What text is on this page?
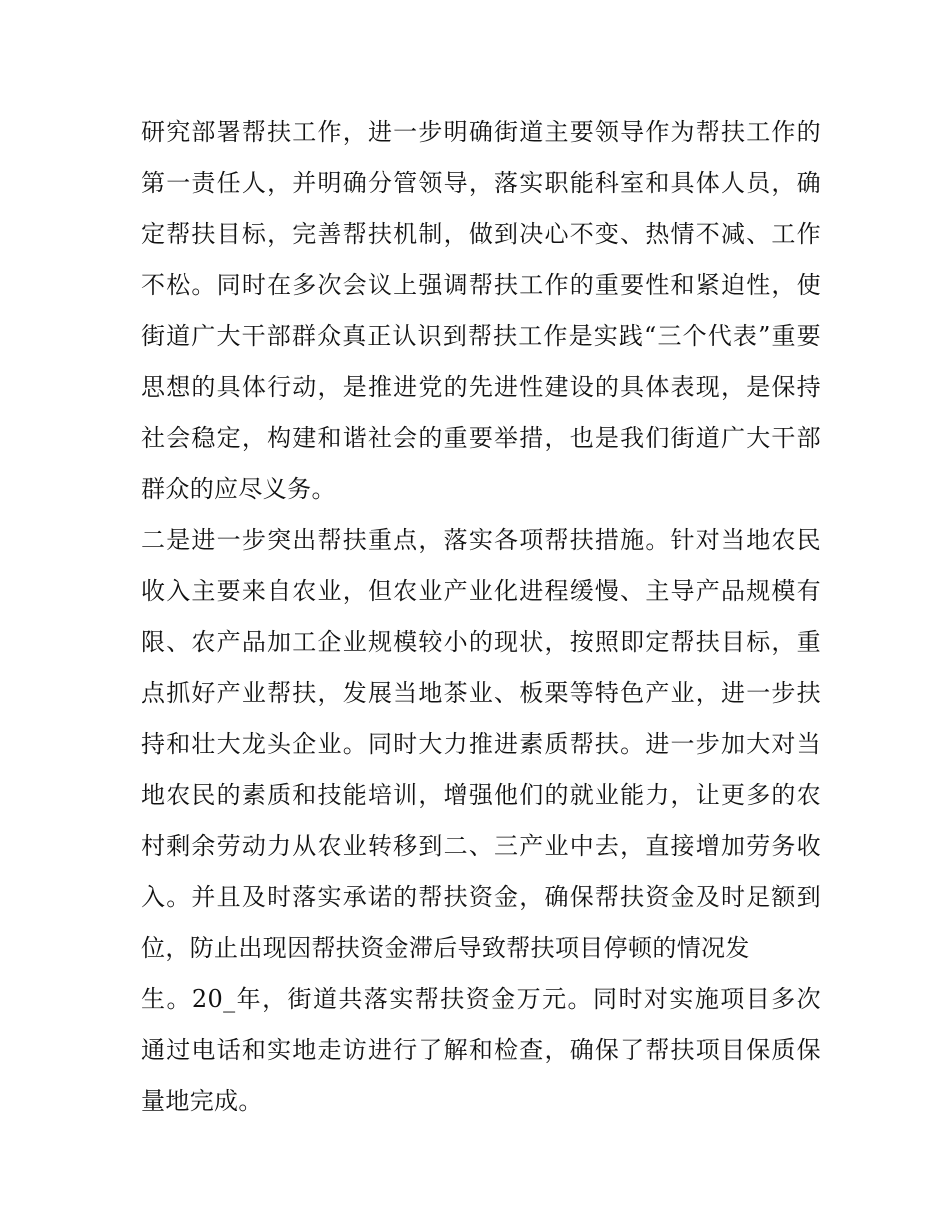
研究部署帮扶工作，进一步明确街道主要领导作为帮扶工作的
第一责任人，并明确分管领导，落实职能科室和具体人员，确
定帮扶目标，完善帮扶机制，做到决心不变、热情不减、工作
不松。同时在多次会议上强调帮扶工作的重要性和紧迫性，使
街道广大干部群众真正认识到帮扶工作是实践“三个代表”重要
思想的具体行动，是推进党的先进性建设的具体表现，是保持
社会稳定，构建和谐社会的重要举措，也是我们街道广大干部
群众的应尽义务。
二是进一步突出帮扶重点，落实各项帮扶措施。针对当地农民
收入主要来自农业，但农业产业化进程缓慢、主导产品规模有
限、农产品加工企业规模较小的现状，按照即定帮扶目标，重
点抓好产业帮扶，发展当地茶业、板栗等特色产业，进一步扶
持和壮大龙头企业。同时大力推进素质帮扶。进一步加大对当
地农民的素质和技能培训，增强他们的就业能力，让更多的农
村剩余劳动力从农业转移到二、三产业中去，直接增加劳务收
入。并且及时落实承诺的帮扶资金，确保帮扶资金及时足额到
位，防止出现因帮扶资金滞后导致帮扶项目停顿的情况发
生。20_年，街道共落实帮扶资金万元。同时对实施项目多次
通过电话和实地走访进行了解和检查，确保了帮扶项目保质保
量地完成。
